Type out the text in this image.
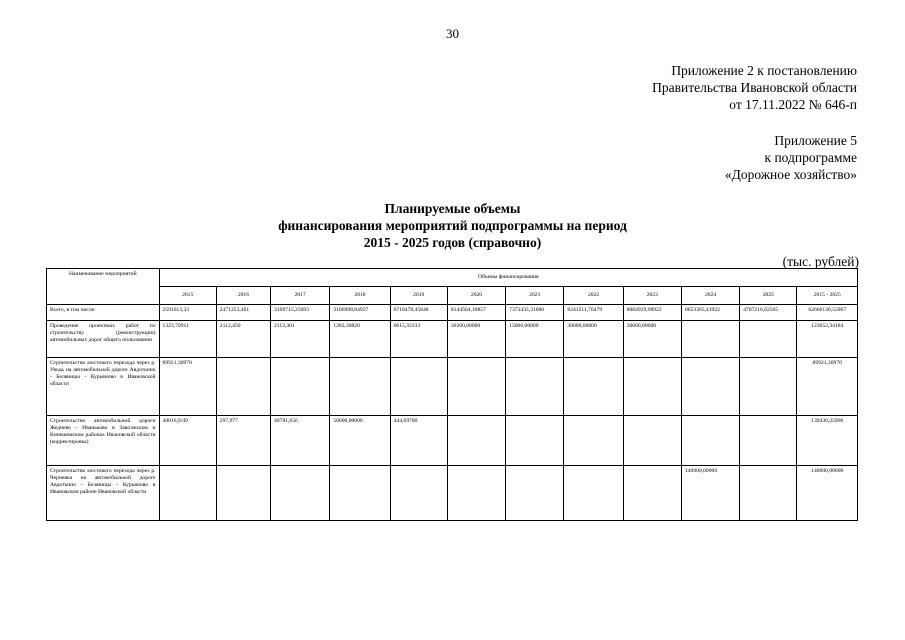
30
Приложение 2 к постановлению
Правительства Ивановской области
от 17.11.2022 № 646-п
Приложение 5
к подпрограмме
«Дорожное хозяйство»
Планируемые объемы
финансирования мероприятий подпрограммы на период
2015 - 2025 годов (справочно)
(тыс. рублей)
Наименование мероприятий	Объемы финансирования											
	2015	2016	2017	2018	2019	2020	2021	2022	2023	2024	2025	2015 - 2025
Всего, в том числе:	2591013,33	2471253,461	3109715,25693	3106998,84937	6718478,45848	8144564,10857	7373433,31600	8241211,76479	8084919,98922	8653365,41922	4787216,62565	62666130,55867
Проведение проектных работ по строительству (реконструкции) автомобильных дорог общего пользования	1323,70911	2112,450	2112,301	1283,30820	6615,33333	30200,00000	15000,00000	30000,00000	30000,00000			123652,34184
Строительство мостового перехода через р. Уводь на автомобильной дороге Авдотьино - Беляницы - Курьяново в Ивановской области	89921,30970											89921,30970
Строительство автомобильной дороги Жеднево - Иваньково в Заволжском и Кинешемском районах Ивановской области (корректировка)	40016,9/49	297,977	48781,656	50000,00000	444,69700							139430,25900
Строительство мостового перехода через р. Черневка на автомобильной дороге Авдотьино - Беляницы - Курьяново в Ивановском районе Ивановской области										140000,00000		140000,00000
